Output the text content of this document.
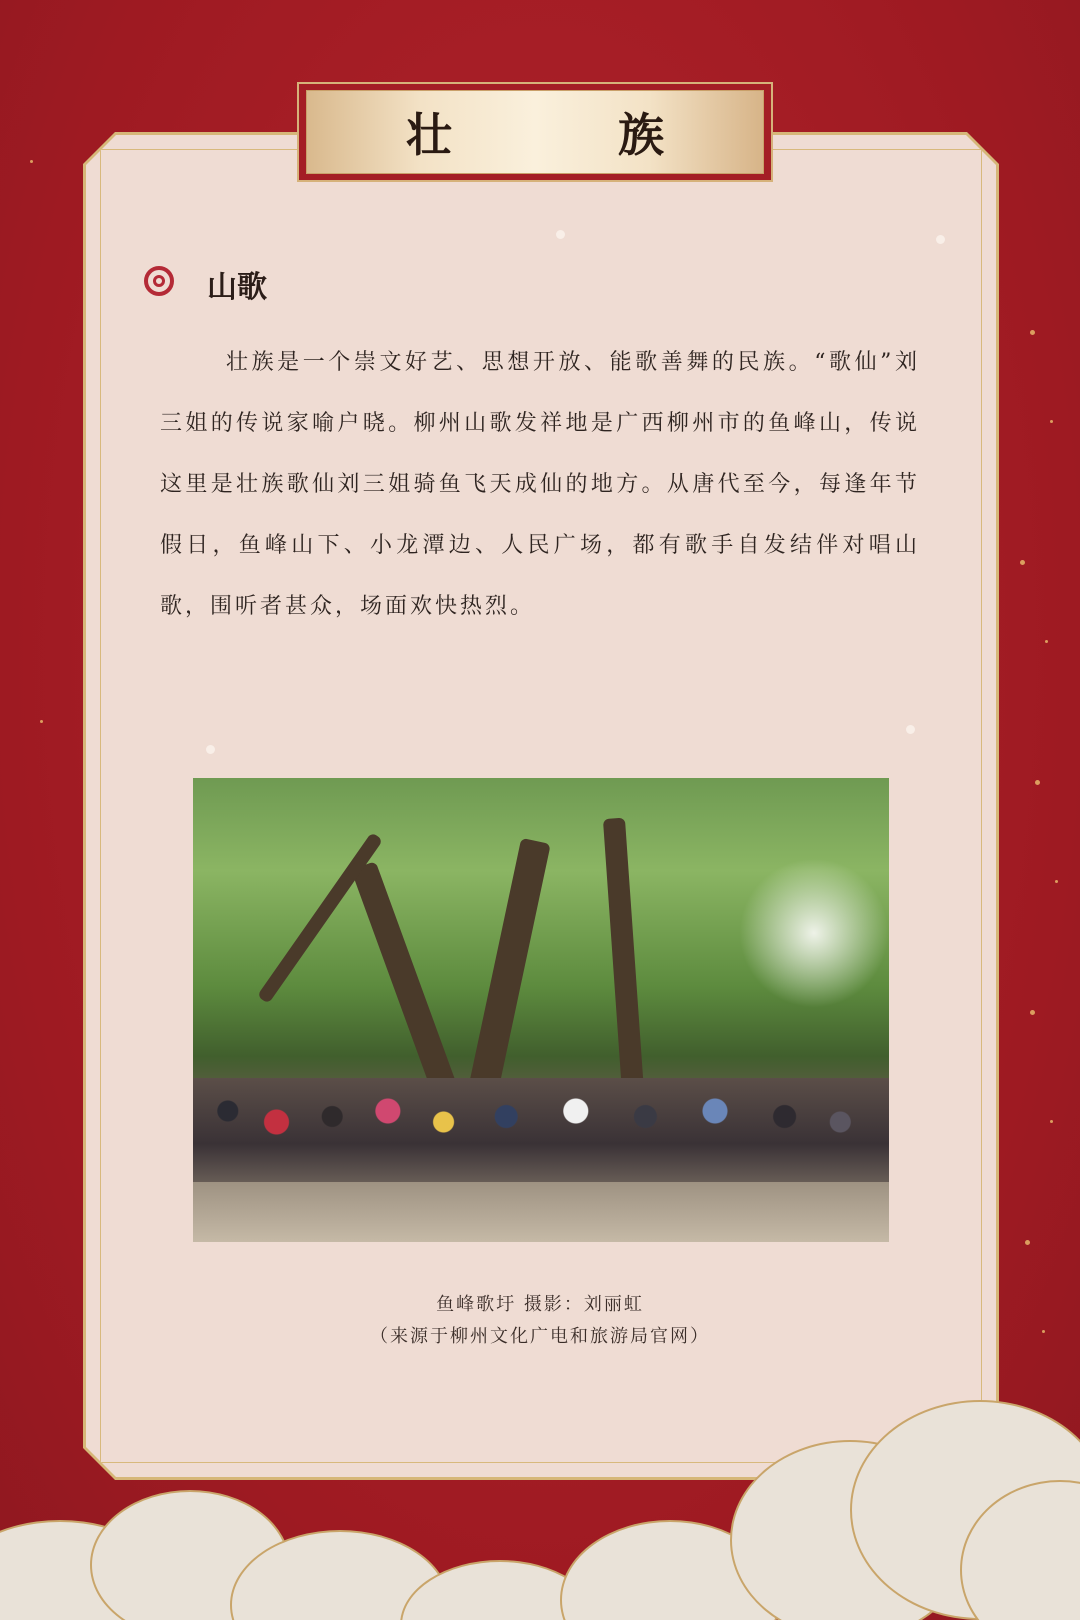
壮　族
山歌

壮族是一个崇文好艺、思想开放、能歌善舞的民族。“歌仙”刘三姐的传说家喻户晓。柳州山歌发祥地是广西柳州市的鱼峰山，传说这里是壮族歌仙刘三姐骑鱼飞天成仙的地方。从唐代至今，每逢年节假日，鱼峰山下、小龙潭边、人民广场，都有歌手自发结伴对唱山歌，围听者甚众，场面欢快热烈。

鱼峰歌圩 摄影：刘丽虹
（来源于柳州文化广电和旅游局官网）
